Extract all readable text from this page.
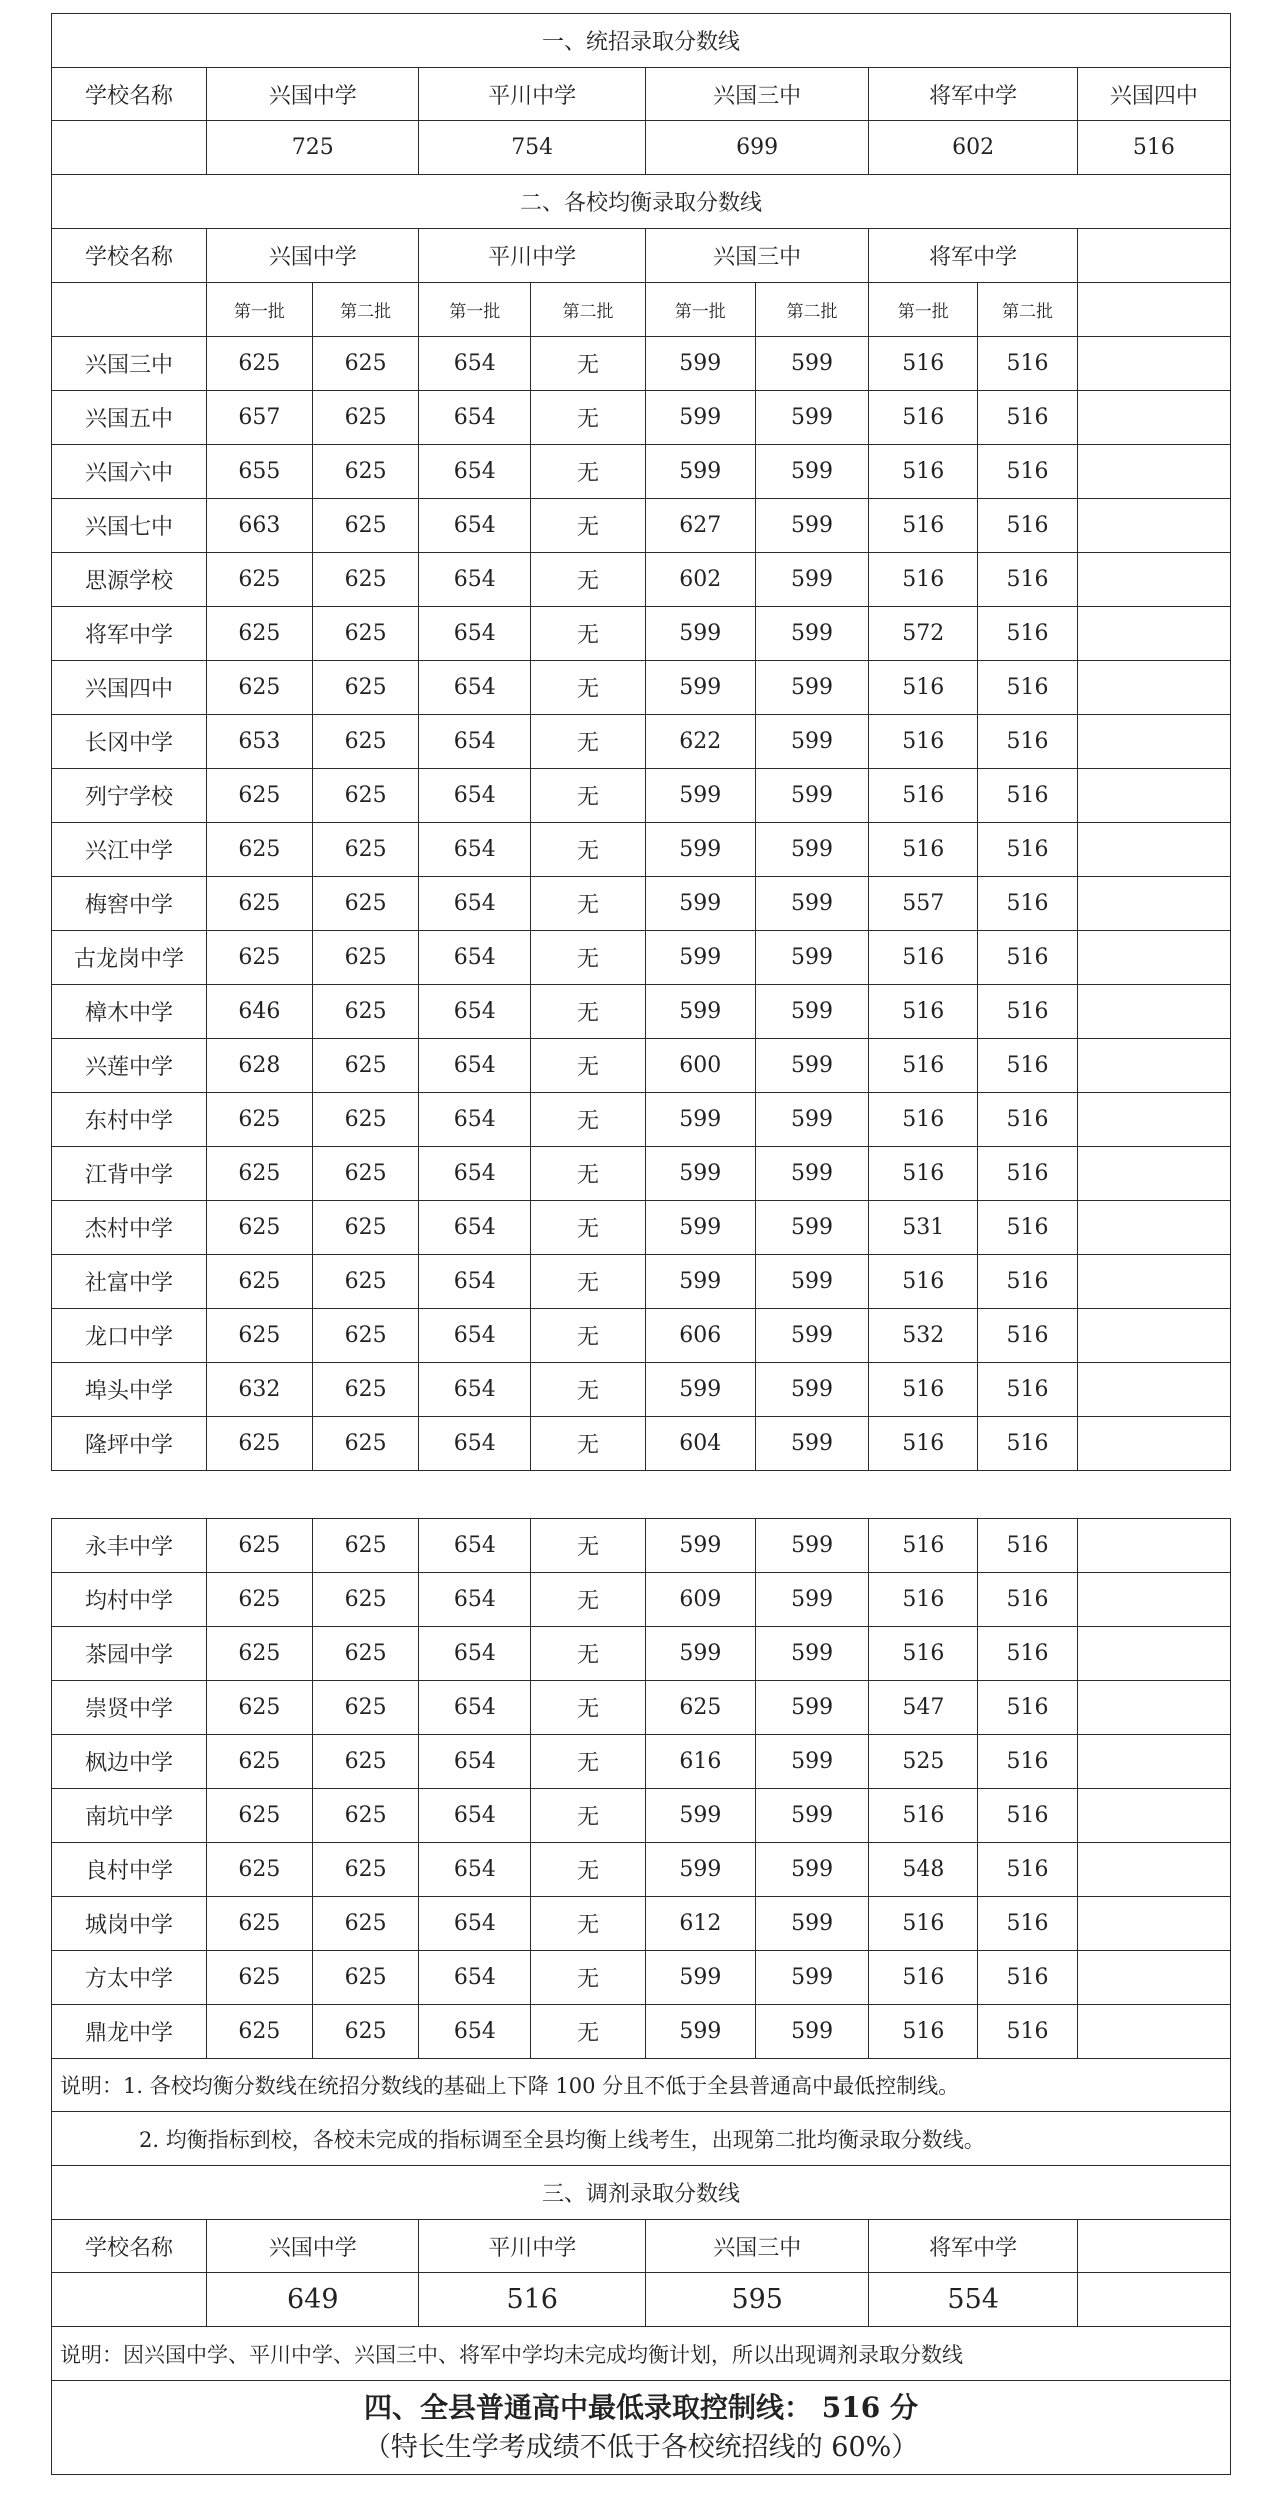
一、统招录取分数线									
学校名称	兴国中学		平川中学		兴国三中		将军中学		兴国四中
	725		754		699		602		516
二、各校均衡录取分数线									
学校名称	兴国中学		平川中学		兴国三中		将军中学		
	第一批	第二批	第一批	第二批	第一批	第二批	第一批	第二批	
兴国三中	625	625	654	无	599	599	516	516	
兴国五中	657	625	654	无	599	599	516	516	
兴国六中	655	625	654	无	599	599	516	516	
兴国七中	663	625	654	无	627	599	516	516	
思源学校	625	625	654	无	602	599	516	516	
将军中学	625	625	654	无	599	599	572	516	
兴国四中	625	625	654	无	599	599	516	516	
长冈中学	653	625	654	无	622	599	516	516	
列宁学校	625	625	654	无	599	599	516	516	
兴江中学	625	625	654	无	599	599	516	516	
梅窖中学	625	625	654	无	599	599	557	516	
古龙岗中学	625	625	654	无	599	599	516	516	
樟木中学	646	625	654	无	599	599	516	516	
兴莲中学	628	625	654	无	600	599	516	516	
东村中学	625	625	654	无	599	599	516	516	
江背中学	625	625	654	无	599	599	516	516	
杰村中学	625	625	654	无	599	599	531	516	
社富中学	625	625	654	无	599	599	516	516	
龙口中学	625	625	654	无	606	599	532	516	
埠头中学	632	625	654	无	599	599	516	516	
隆坪中学	625	625	654	无	604	599	516	516	
永丰中学	625	625	654	无	599	599	516	516	
均村中学	625	625	654	无	609	599	516	516	
茶园中学	625	625	654	无	599	599	516	516	
崇贤中学	625	625	654	无	625	599	547	516	
枫边中学	625	625	654	无	616	599	525	516	
南坑中学	625	625	654	无	599	599	516	516	
良村中学	625	625	654	无	599	599	548	516	
城岗中学	625	625	654	无	612	599	516	516	
方太中学	625	625	654	无	599	599	516	516	
鼎龙中学	625	625	654	无	599	599	516	516	
说明：1. 各校均衡分数线在统招分数线的基础上下降 100 分且不低于全县普通高中最低控制线。									
2. 均衡指标到校，各校未完成的指标调至全县均衡上线考生，出现第二批均衡录取分数线。									
三、调剂录取分数线									
学校名称	兴国中学		平川中学		兴国三中		将军中学		
	649		516		595		554		
说明：因兴国中学、平川中学、兴国三中、将军中学均未完成均衡计划，所以出现调剂录取分数线									

四、全县普通高中最低录取控制线： 516 分
（特长生学考成绩不低于各校统招线的 60%）									
